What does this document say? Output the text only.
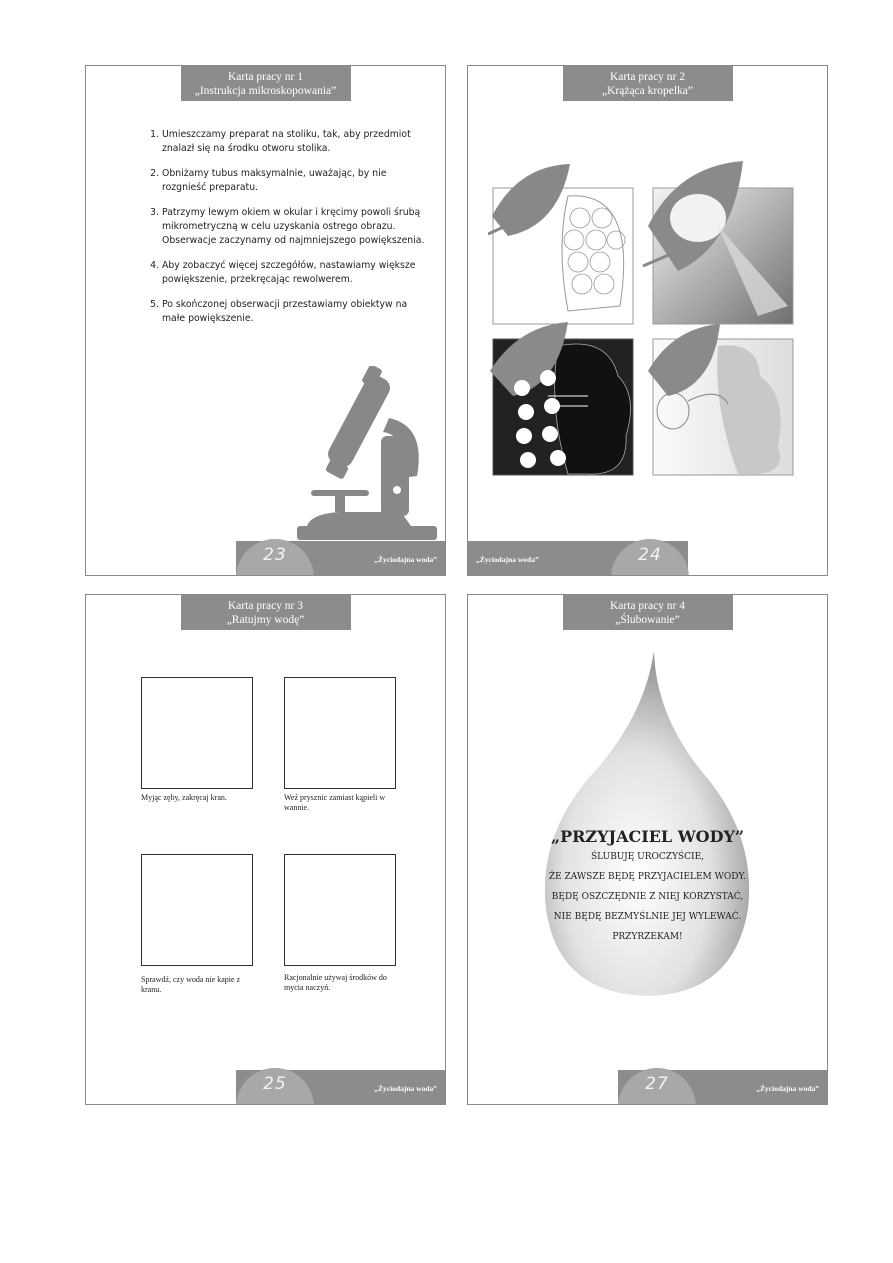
Karta pracy nr 1
„Instrukcja mikroskopowania”
1. Umieszczamy preparat na stoliku, tak, aby przedmiot znalazł się na środku otworu stolika.
2. Obniżamy tubus maksymalnie, uważając, by nie rozgnieść preparatu.
3. Patrzymy lewym okiem w okular i kręcimy powoli śrubą mikrometryczną w celu uzyskania ostrego obrazu. Obserwacje zaczynamy od najmniejszego powiększenia.
4. Aby zobaczyć więcej szczegółów, nastawiamy większe powiększenie, przekręcając rewolwerem.
5. Po skończonej obserwacji przestawiamy obiektyw na małe powiększenie.
23	„Życiodajna woda”
Karta pracy nr 2
„Krążąca kropelka”
24
„Życiodajna woda”
Karta pracy nr 3
„Ratujmy wodę”
Myjąc zęby, zakręcaj kran.	Weź prysznic zamiast kąpieli w wannie.
Sprawdź, czy woda nie kapie z kranu.
Racjonalnie używaj środków do mycia naczyń.
25	„Życiodajna woda”
Karta pracy nr 4
„Ślubowanie”
„PRZYJACIEL WODY”
ŚLUBUJĘ UROCZYŚCIE,
ŻE ZAWSZE BĘDĘ PRZYJACIELEM WODY.
BĘDĘ OSZCZĘDNIE Z NIEJ KORZYSTAĆ,
NIE BĘDĘ BEZMYŚLNIE JEJ WYLEWAĆ.
PRZYRZEKAM!
27	„Życiodajna woda”
